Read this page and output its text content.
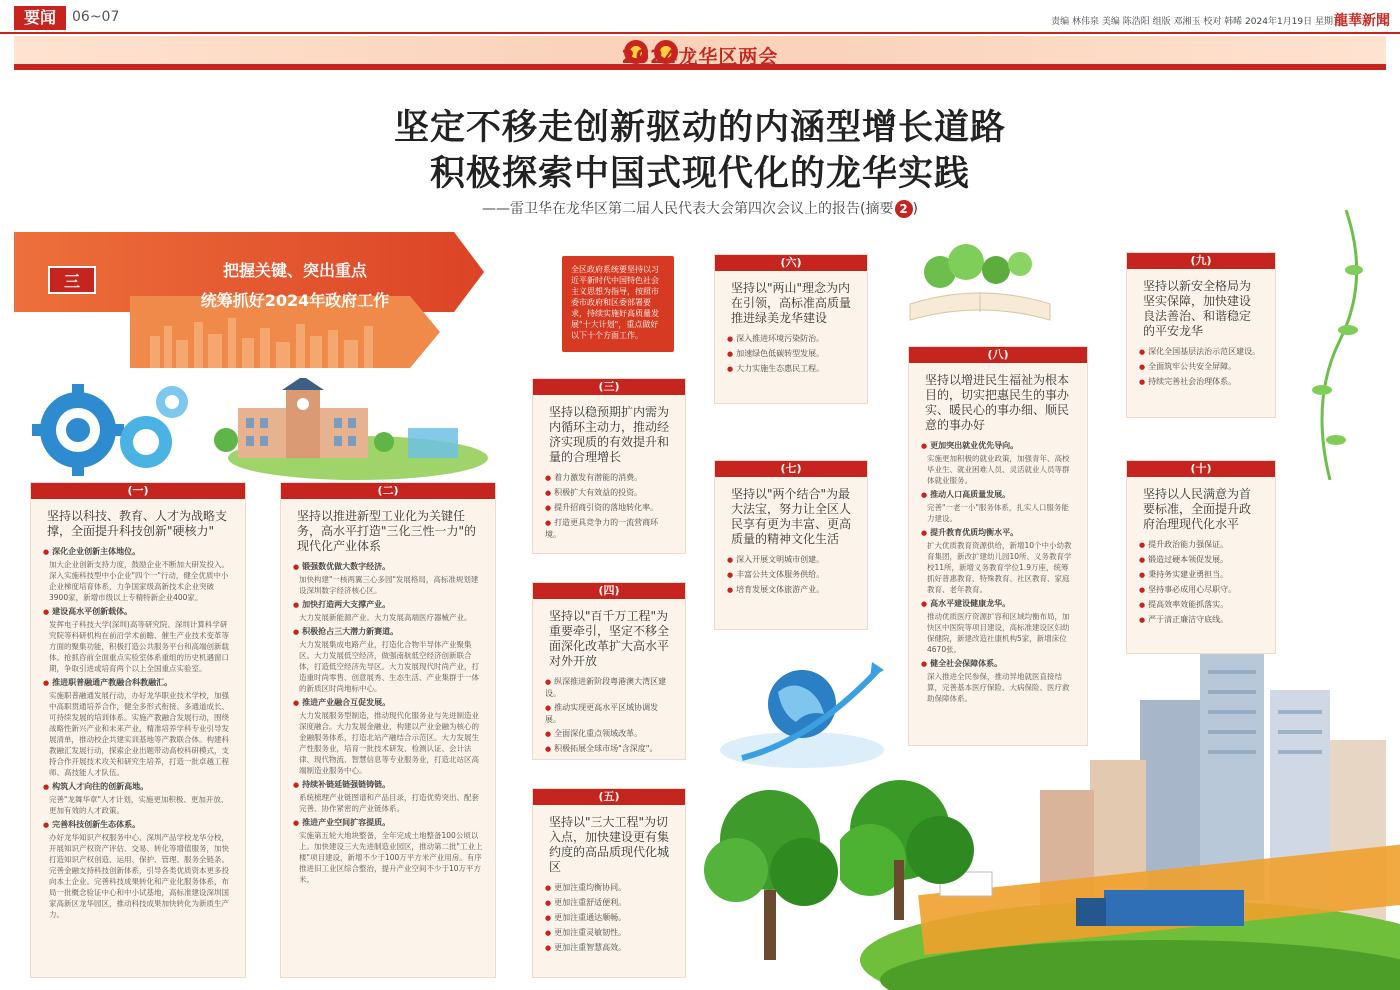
要闻	06~07	责编 林伟泉 美编 陈浩阳 组版 邓湘玉 校对 韩晞 2024年1月19日 星期五
龍華新聞
2024龙华区两会
坚定不移走创新驱动的内涵型增长道路
积极探索中国式现代化的龙华实践
——雷卫华在龙华区第二届人民代表大会第四次会议上的报告(摘要 2 )
三
把握关键、突出重点
统筹抓好2024年政府工作
全区政府系统要坚持以习近平新时代中国特色社会主义思想为指导，按照市委市政府和区委部署要求，持续实施好高质量发展"十大计划"，重点做好以下十个方面工作。
(一)
坚持以科技、教育、人才为战略支撑，全面提升科技创新"硬核力"
● 深化企业创新主体地位。
加大企业创新支持力度，鼓励企业不断加大研发投入。深入实施科技型中小企业"四个一"行动，健全优质中小企业梯度培育体系，力争国家级高新技术企业突破3900家，新增市级以上专精特新企业400家。
● 建设高水平创新载体。
发挥电子科技大学(深圳)高等研究院、深圳计算科学研究院等科研机构在前沿学术前瞻、催生产业技术变革等方面的聚集功能，积极打造公共服务平台和高端创新载体。抢抓咨前全面重点实验室体系重组的历史机遇窗口期，争取引进或培育两个以上全国重点实验室。
● 推进职普融通产教融合科教融汇。
实施职普融通发展行动，办好龙华职业技术学校，加强中高职贯通培养合作，健全多形式衔接、多通道成长、可持续发展的培训体系。实施产教融合发展行动，围绕战略性新兴产业和未来产业，精准培养学科专业引导发展清单，推动校企共建实训基地等产教联合体。构建科教融汇发展行动，探索企业出题带动高校科研模式，支持合作开展技术攻关和研究生培养，打造一批卓越工程师、高技能人才队伍。
● 构筑人才向往的创新高地。
完善"龙舞华章"人才计划，实施更加积极、更加开放、更加有效的人才政策。
● 完善科技创新生态体系。
办好龙华知识产权服务中心、深圳产品学校龙华分校，开展知识产权资产评估、交易、转化等增值服务，加快打造知识产权创造、运用、保护、管理、服务全链条。完善金融支持科技创新体系，引导各类优质资本更多投向本土企业。完善科技成果转化和产业化服务体系，布局一批概念验证中心和中小试基地，高标准建设深圳国家高新区龙华园区，推动科技成果加快转化为新质生产力。
(二)
坚持以推进新型工业化为关键任务，高水平打造"三化三性一力"的现代化产业体系
● 锻强数优做大数字经济。
加快构建"一核两翼三心多园"发展格局，高标准规划建设深圳数字经济核心区。
● 加快打造两大支撑产业。
大力发展新能源产业。大力发展高端医疗器械产业。
● 积极抢占三大潜力新赛道。
大力发展集成电路产业，打造化合物半导体产业聚集区。大力发展低空经济，做强南航低空经济创新联合体，打造低空经济先导区。大力发展现代时尚产业，打造重时尚零售、创意展秀、生态生活、产业集群于一体的新质区时尚地标中心。
● 推进产业融合互促发展。
大力发展服务型制造，推动现代化服务业与先进制造业深度融合。大力发展金融业，构建以产业金融为核心的金融服务体系，打造北站产融结合示范区。大力发展生产性服务业，培育一批技术研发、检测认证、会计法律、现代物流、智慧信息等专业服务业，打造北站区高端制造业服务中心。
● 持续补链延链强链铸链。
系统梳理产业链图谱和产品目录，打造优势突出、配套完善、协作紧密的产业链体系。
● 推进产业空间扩容提质。
实施第五轮大地块整备，全年完成土地整备100公顷以上。加快建设三大先进制造业园区，推动第二批"工业上楼"项目建设，新增不少于100万平方米产业用房。有序推进旧工业区综合整治，提升产业空间不少于10万平方米。
(三)
坚持以稳预期扩内需为内循环主动力，推动经济实现质的有效提升和量的合理增长
● 着力激发有潜能的消费。
● 积极扩大有效益的投资。
● 提升招商引资的落地转化率。
● 打造更具竞争力的一流营商环境。
(四)
坚持以"百千万工程"为重要牵引，坚定不移全面深化改革扩大高水平对外开放
● 纵深推进新阶段粤港澳大湾区建设。
● 推动实现更高水平区域协调发展。
● 全面深化重点领域改革。
● 积极拓展全球市场"含深度"。
(五)
坚持以"三大工程"为切入点，加快建设更有集约度的高品质现代化城区
● 更加注重均衡协同。
● 更加注重舒适便利。
● 更加注重通达顺畅。
● 更加注重灵敏韧性。
● 更加注重智慧高效。
(六)
坚持以"两山"理念为内在引领，高标准高质量推进绿美龙华建设
● 深入推进环境污染防治。
● 加速绿色低碳转型发展。
● 大力实施生态惠民工程。
(七)
坚持以"两个结合"为最大法宝，努力让全区人民享有更为丰富、更高质量的精神文化生活
● 深入开展文明城市创建。
● 丰富公共文体服务供给。
● 培育发展文体旅游产业。
(八)
坚持以增进民生福祉为根本目的，切实把惠民生的事办实、暖民心的事办细、顺民意的事办好
● 更加突出就业优先导向。
实施更加积极的就业政策，加强青年、高校毕业生、就业困难人员、灵活就业人员等群体就业服务。
● 推动人口高质量发展。
完善"一老一小"服务体系，扎实人口服务能力建设。
● 提升教育优质均衡水平。
扩大优质教育资源供给，新增10个中小幼教育集团，新改扩建幼儿园10所、义务教育学校11所，新增义务教育学位1.9万座，统筹抓好普惠教育、特殊教育、社区教育、家庭教育、老年教育。
● 高水平建设健康龙华。
推动优质医疗资源扩容和区域均衡布局，加快区中医院等项目建设，高标准建设区妇幼保健院，新建改造社康机构5家，新增床位4670张。
● 健全社会保障体系。
深入推进全民参保，推动异地就医直接结算，完善基本医疗保险、大病保险、医疗救助保障体系。
(九)
坚持以新安全格局为坚实保障，加快建设良法善治、和谐稳定的平安龙华
● 深化全国基层法治示范区建设。
● 全面筑牢公共安全屏障。
● 持续完善社会治理体系。
(十)
坚持以人民满意为首要标准，全面提升政府治理现代化水平
● 提升政治能力强保证。
● 锻造过硬本领促发展。
● 秉持务实建业勇担当。
● 坚持事必成用心尽职守。
● 提高效率效能抓落实。
● 严于清正廉洁守底线。
